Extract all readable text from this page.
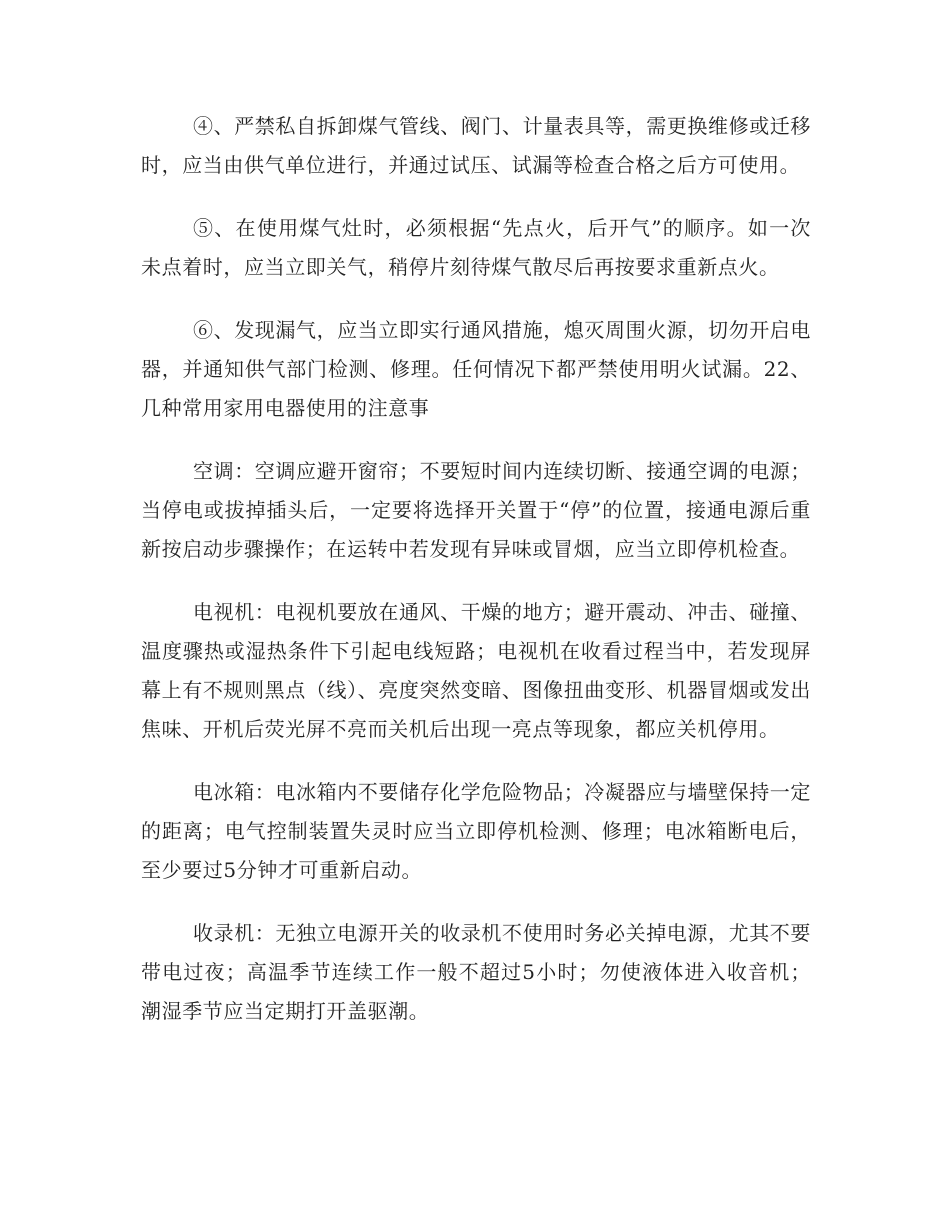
④、严禁私自拆卸煤气管线、阀门、计量表具等，需更换维修或迁移时，应当由供气单位进行，并通过试压、试漏等检查合格之后方可使用。

⑤、在使用煤气灶时，必须根据“先点火，后开气”的顺序。如一次未点着时，应当立即关气，稍停片刻待煤气散尽后再按要求重新点火。

⑥、发现漏气，应当立即实行通风措施，熄灭周围火源，切勿开启电器，并通知供气部门检测、修理。任何情况下都严禁使用明火试漏。22、几种常用家用电器使用的注意事

空调：空调应避开窗帘；不要短时间内连续切断、接通空调的电源；当停电或拔掉插头后，一定要将选择开关置于“停”的位置，接通电源后重新按启动步骤操作；在运转中若发现有异味或冒烟，应当立即停机检查。

电视机：电视机要放在通风、干燥的地方；避开震动、冲击、碰撞、温度骤热或湿热条件下引起电线短路；电视机在收看过程当中，若发现屏幕上有不规则黑点（线）、亮度突然变暗、图像扭曲变形、机器冒烟或发出焦味、开机后荧光屏不亮而关机后出现一亮点等现象，都应关机停用。

电冰箱：电冰箱内不要储存化学危险物品；冷凝器应与墙壁保持一定的距离；电气控制装置失灵时应当立即停机检测、修理；电冰箱断电后，至少要过5分钟才可重新启动。

收录机：无独立电源开关的收录机不使用时务必关掉电源，尤其不要带电过夜；高温季节连续工作一般不超过5小时；勿使液体进入收音机；潮湿季节应当定期打开盖驱潮。
